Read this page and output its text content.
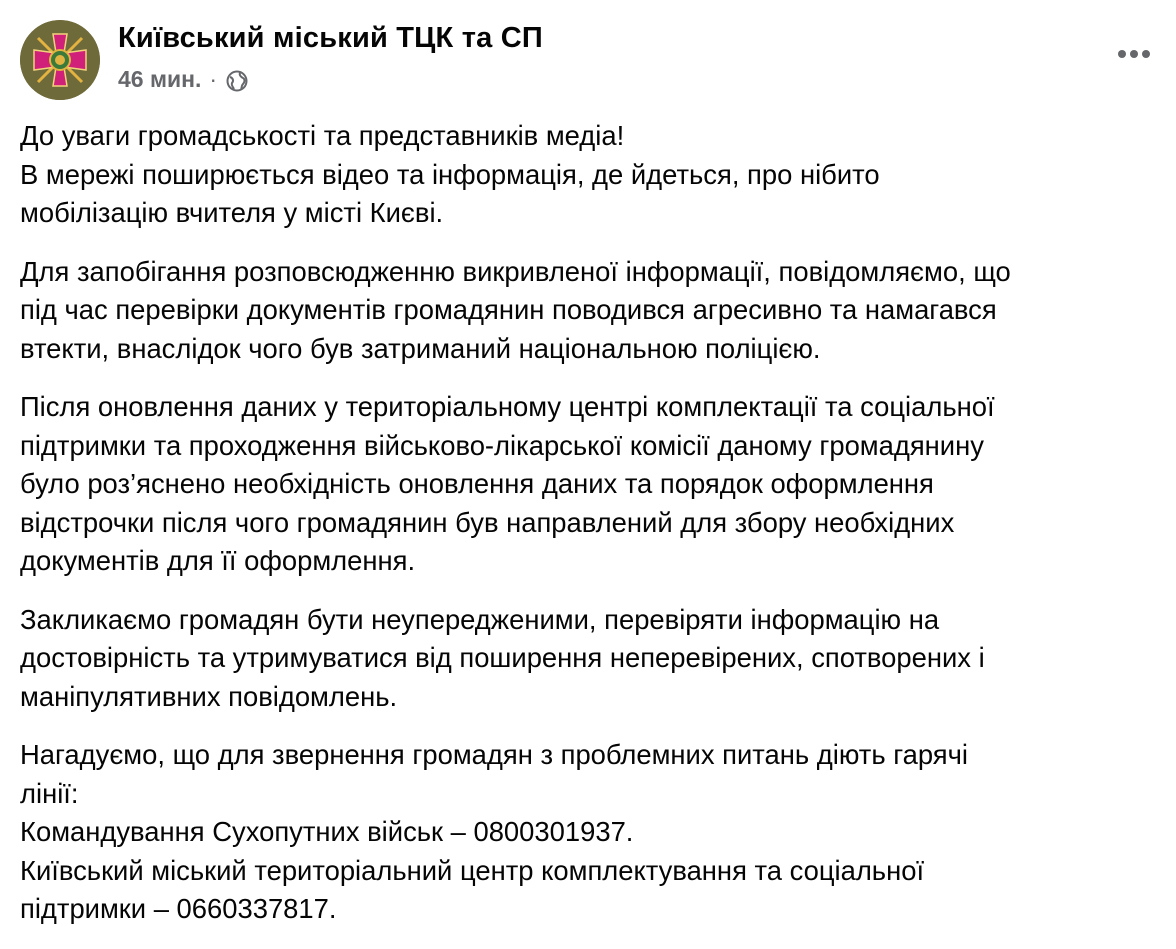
Київський міський ТЦК та СП
46 мин. ·

До уваги громадськості та представників медіа!
В мережі поширюється відео та інформація, де йдеться, про нібито
мобілізацію вчителя у місті Києві.

Для запобігання розповсюдженню викривленої інформації, повідомляємо, що
під час перевірки документів громадянин поводився агресивно та намагався
втекти, внаслідок чого був затриманий національною поліцією.

Після оновлення даних у територіальному центрі комплектації та соціальної
підтримки та проходження військово-лікарської комісії даному громадянину
було роз’яснено необхідність оновлення даних та порядок оформлення
відстрочки після чого громадянин був направлений для збору необхідних
документів для її оформлення.

Закликаємо громадян бути неупередженими, перевіряти інформацію на
достовірність та утримуватися від поширення неперевірених, спотворених і
маніпулятивних повідомлень.

Нагадуємо, що для звернення громадян з проблемних питань діють гарячі
лінії:
Командування Сухопутних військ – 0800301937.
Київський міський територіальний центр комплектування та соціальної
підтримки – 0660337817.
